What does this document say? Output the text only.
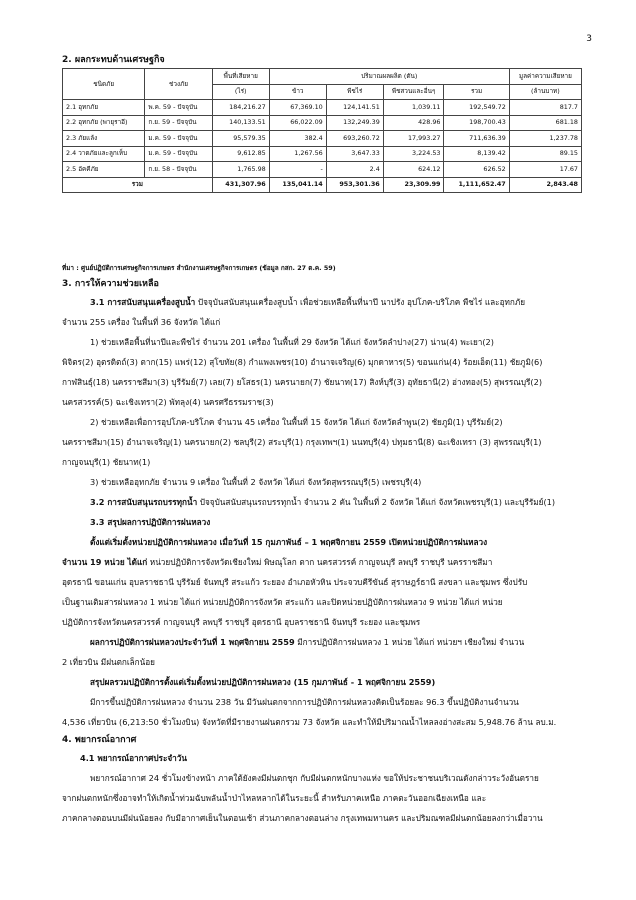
3
2. ผลกระทบด้านเศรษฐกิจ
ชนิดภัย	ช่วงภัย	พื้นที่เสียหาย	ปริมาณผลผลิต (ตัน)				มูลค่าความเสียหาย
		(ไร่)	ข้าว	พืชไร่	พืชสวนและอื่นๆ	รวม	(ล้านบาท)
2.1 อุทกภัย	พ.ค. 59 - ปัจจุบัน	184,216.27	67,369.10	124,141.51	1,039.11	192,549.72	817.7
2.2 อุทกภัย (พายุราอี)	ก.ย. 59 - ปัจจุบัน	140,133.51	66,022.09	132,249.39	428.96	198,700.43	681.18
2.3 ภัยแล้ง	ม.ค. 59 - ปัจจุบัน	95,579.35	382.4	693,260.72	17,993.27	711,636.39	1,237.78
2.4 วาตภัยและลูกเห็บ	ม.ค. 59 - ปัจจุบัน	9,612.85	1,267.56	3,647.33	3,224.53	8,139.42	89.15
2.5 อัคคีภัย	ก.ย. 58 - ปัจจุบัน	1,765.98	-	2.4	624.12	626.52	17.67
รวม		431,307.96	135,041.14	953,301.36	23,309.99	1,111,652.47	2,843.48
ที่มา : ศูนย์ปฏิบัติการเศรษฐกิจการเกษตร สำนักงานเศรษฐกิจการเกษตร (ข้อมูล กสก. 27 ต.ค. 59)
3. การให้ความช่วยเหลือ
3.1 การสนับสนุนเครื่องสูบน้ำ ปัจจุบันสนับสนุนเครื่องสูบน้ำ เพื่อช่วยเหลือพื้นที่นาปี นาปรัง อุปโภค-บริโภค พืชไร่ และอุทกภัย
จำนวน 255 เครื่อง ในพื้นที่ 36 จังหวัด ได้แก่
1) ช่วยเหลือพื้นที่นาปีและพืชไร่ จำนวน 201 เครื่อง ในพื้นที่ 29 จังหวัด ได้แก่ จังหวัดลำปาง(27) น่าน(4) พะเยา(2)
พิจิตร(2) อุตรดิตถ์(3) ตาก(15) แพร่(12) สุโขทัย(8) กำแพงเพชร(10) อำนาจเจริญ(6) มุกดาหาร(5) ขอนแก่น(4) ร้อยเอ็ด(11) ชัยภูมิ(6)
กาฬสินธุ์(18) นครราชสีมา(3) บุรีรัมย์(7) เลย(7) ยโสธร(1) นครนายก(7) ชัยนาท(17) สิงห์บุรี(3) อุทัยธานี(2) อ่างทอง(5) สุพรรณบุรี(2)
นครสวรรค์(5) ฉะเชิงเทรา(2) พัทลุง(4) นครศรีธรรมราช(3)
2) ช่วยเหลือเพื่อการอุปโภค-บริโภค จำนวน 45 เครื่อง ในพื้นที่ 15 จังหวัด ได้แก่ จังหวัดลำพูน(2) ชัยภูมิ(1) บุรีรัมย์(2)
นครราชสีมา(15) อำนาจเจริญ(1) นครนายก(2) ชลบุรี(2) สระบุรี(1) กรุงเทพฯ(1) นนทบุรี(4) ปทุมธานี(8) ฉะเชิงเทรา (3) สุพรรณบุรี(1)
กาญจนบุรี(1) ชัยนาท(1)
3) ช่วยเหลืออุทกภัย จำนวน 9 เครื่อง ในพื้นที่ 2 จังหวัด ได้แก่ จังหวัดสุพรรณบุรี(5) เพชรบุรี(4)
3.2 การสนับสนุนรถบรรทุกน้ำ ปัจจุบันสนับสนุนรถบรรทุกน้ำ จำนวน 2 คัน ในพื้นที่ 2 จังหวัด ได้แก่ จังหวัดเพชรบุรี(1) และบุรีรัมย์(1)
3.3 สรุปผลการปฏิบัติการฝนหลวง
ตั้งแต่เริ่มตั้งหน่วยปฏิบัติการฝนหลวง เมื่อวันที่ 15 กุมภาพันธ์ – 1 พฤศจิกายน 2559 เปิดหน่วยปฏิบัติการฝนหลวง
จำนวน 19 หน่วย ได้แก่ หน่วยปฏิบัติการจังหวัดเชียงใหม่ พิษณุโลก ตาก นครสวรรค์ กาญจนบุรี ลพบุรี ราชบุรี นครราชสีมา
อุดรธานี ขอนแก่น อุบลราชธานี บุรีรัมย์ จันทบุรี สระแก้ว ระยอง อำเภอหัวหิน ประจวบคีรีขันธ์ สุราษฎร์ธานี สงขลา และชุมพร ซึ่งปรับ
เป็นฐานเติมสารฝนหลวง 1 หน่วย ได้แก่ หน่วยปฏิบัติการจังหวัด สระแก้ว และปิดหน่วยปฏิบัติการฝนหลวง 9 หน่วย ได้แก่ หน่วย
ปฏิบัติการจังหวัดนครสวรรค์ กาญจนบุรี ลพบุรี ราชบุรี อุดรธานี อุบลราชธานี จันทบุรี ระยอง และชุมพร
ผลการปฏิบัติการฝนหลวงประจำวันที่ 1 พฤศจิกายน 2559 มีการปฏิบัติการฝนหลวง 1 หน่วย ได้แก่ หน่วยฯ เชียงใหม่ จำนวน
2 เที่ยวบิน มีฝนตกเล็กน้อย
สรุปผลรวมปฏิบัติการตั้งแต่เริ่มตั้งหน่วยปฏิบัติการฝนหลวง (15 กุมภาพันธ์ - 1 พฤศจิกายน 2559)
มีการขึ้นปฏิบัติการฝนหลวง จำนวน 238 วัน มีวันฝนตกจากการปฏิบัติการฝนหลวงคิดเป็นร้อยละ 96.3 ขึ้นปฏิบัติงานจำนวน
4,536 เที่ยวบิน (6,213:50 ชั่วโมงบิน) จังหวัดที่มีรายงานฝนตกรวม 73 จังหวัด และทำให้มีปริมาณน้ำไหลลงอ่างสะสม 5,948.76 ล้าน ลบ.ม.
4. พยากรณ์อากาศ
4.1 พยากรณ์อากาศประจำวัน
พยากรณ์อากาศ 24 ชั่วโมงข้างหน้า ภาคใต้ยังคงมีฝนตกชุก กับมีฝนตกหนักบางแห่ง ขอให้ประชาชนบริเวณดังกล่าวระวังอันตราย
จากฝนตกหนักซึ่งอาจทำให้เกิดน้ำท่วมฉับพลันน้ำป่าไหลหลากได้ในระยะนี้ สำหรับภาคเหนือ ภาคตะวันออกเฉียงเหนือ และ
ภาคกลางตอนบนมีฝนน้อยลง กับมีอากาศเย็นในตอนเช้า ส่วนภาคกลางตอนล่าง กรุงเทพมหานคร และปริมณฑลมีฝนตกน้อยลงกว่าเมื่อวาน
